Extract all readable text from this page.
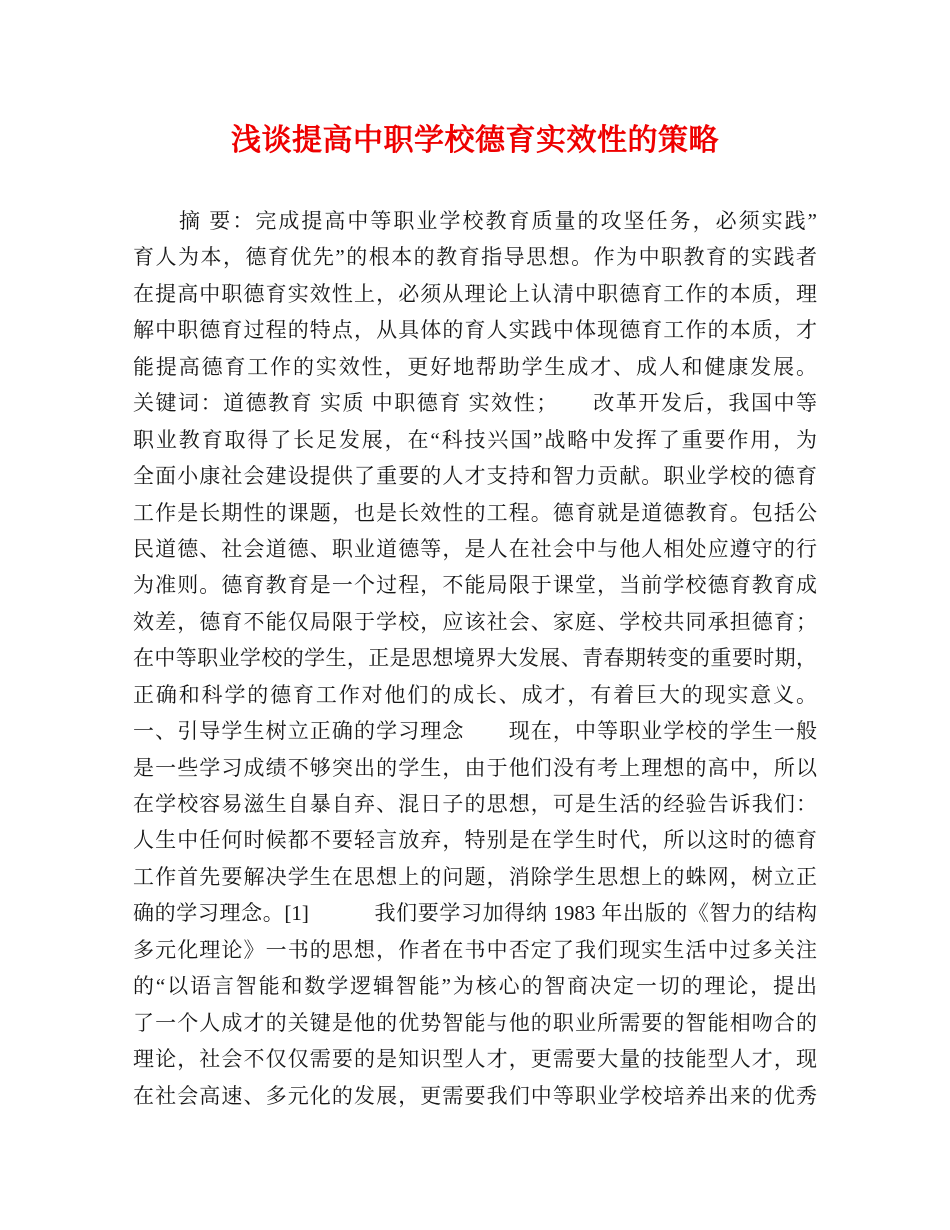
浅谈提高中职学校德育实效性的策略
　　摘 要：完成提高中等职业学校教育质量的攻坚任务，必须实践”
育人为本，德育优先”的根本的教育指导思想。作为中职教育的实践者
在提高中职德育实效性上，必须从理论上认清中职德育工作的本质，理
解中职德育过程的特点，从具体的育人实践中体现德育工作的本质，才
能提高德育工作的实效性，更好地帮助学生成才、成人和健康发展。
关键词：道德教育 实质 中职德育 实效性；　　改革开发后，我国中等
职业教育取得了长足发展，在“科技兴国”战略中发挥了重要作用，为
全面小康社会建设提供了重要的人才支持和智力贡献。职业学校的德育
工作是长期性的课题，也是长效性的工程。德育就是道德教育。包括公
民道德、社会道德、职业道德等，是人在社会中与他人相处应遵守的行
为准则。德育教育是一个过程，不能局限于课堂，当前学校德育教育成
效差，德育不能仅局限于学校，应该社会、家庭、学校共同承担德育；
在中等职业学校的学生，正是思想境界大发展、青春期转变的重要时期，
正确和科学的德育工作对他们的成长、成才，有着巨大的现实意义。
一、引导学生树立正确的学习理念　　现在，中等职业学校的学生一般
是一些学习成绩不够突出的学生，由于他们没有考上理想的高中，所以
在学校容易滋生自暴自弃、混日子的思想，可是生活的经验告诉我们：
人生中任何时候都不要轻言放弃，特别是在学生时代，所以这时的德育
工作首先要解决学生在思想上的问题，消除学生思想上的蛛网，树立正
确的学习理念。[1]　　　我们要学习加得纳 1983 年出版的《智力的结构
多元化理论》一书的思想，作者在书中否定了我们现实生活中过多关注
的“以语言智能和数学逻辑智能”为核心的智商决定一切的理论，提出
了一个人成才的关键是他的优势智能与他的职业所需要的智能相吻合的
理论，社会不仅仅需要的是知识型人才，更需要大量的技能型人才，现
在社会高速、多元化的发展，更需要我们中等职业学校培养出来的优秀
